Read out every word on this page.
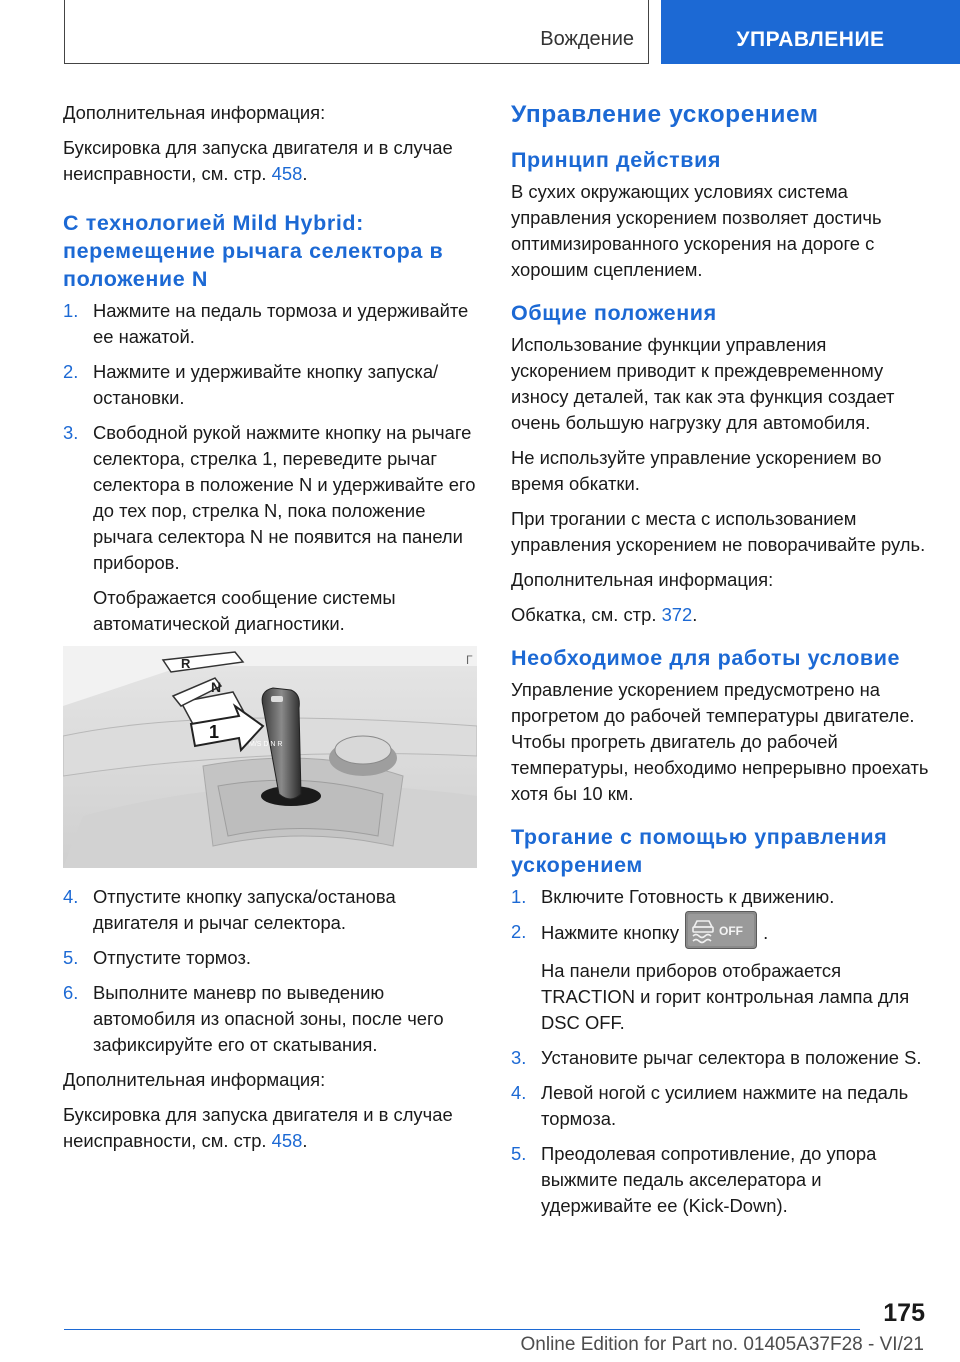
Вождение	УПРАВЛЕНИЕ

Дополнительная информация:

Буксировка для запуска двигателя и в случае неисправности, см. стр. 458.

С технологией Mild Hybrid: перемещение рычага селектора в положение N
1. Нажмите на педаль тормоза и удерживайте ее нажатой.
2. Нажмите и удерживайте кнопку запуска/остановки.
3. Свободной рукой нажмите кнопку на рычаге селектора, стрелка 1, переведите рычаг селектора в положение N и удерживайте его до тех пор, стрелка N, пока положение рычага селектора N не появится на панели приборов.

Отображается сообщение системы автоматической диагностики.

M/S D N R
R
N
1
Γ
4. Отпустите кнопку запуска/останова двигателя и рычаг селектора.
5. Отпустите тормоз.
6. Выполните маневр по выведению автомобиля из опасной зоны, после чего зафиксируйте его от скатывания.

Дополнительная информация:

Буксировка для запуска двигателя и в случае неисправности, см. стр. 458.

Управление ускорением
Принцип действия

В сухих окружающих условиях система управления ускорением позволяет достичь оптимизированного ускорения на дороге с хорошим сцеплением.

Общие положения

Использование функции управления ускорением приводит к преждевременному износу деталей, так как эта функция создает очень большую нагрузку для автомобиля.

Не используйте управление ускорением во время обкатки.

При трогании с места с использованием управления ускорением не поворачивайте руль.

Дополнительная информация:

Обкатка, см. стр. 372.

Необходимое для работы условие

Управление ускорением предусмотрено на прогретом до рабочей температуры двигателе. Чтобы прогреть двигатель до рабочей температуры, необходимо непрерывно проехать хотя бы 10 км.

Трогание с помощью управления ускорением
1. Включите Готовность к движению.
2. Нажмите кнопку	OFF .

На панели приборов отображается TRACTION и горит контрольная лампа для DSC OFF.

3. Установите рычаг селектора в положение S.
4. Левой ногой с усилием нажмите на педаль тормоза.
5. Преодолевая сопротивление, до упора выжмите педаль акселератора и удерживайте ее (Kick-Down).
175
Online Edition for Part no. 01405A37F28 - VI/21
